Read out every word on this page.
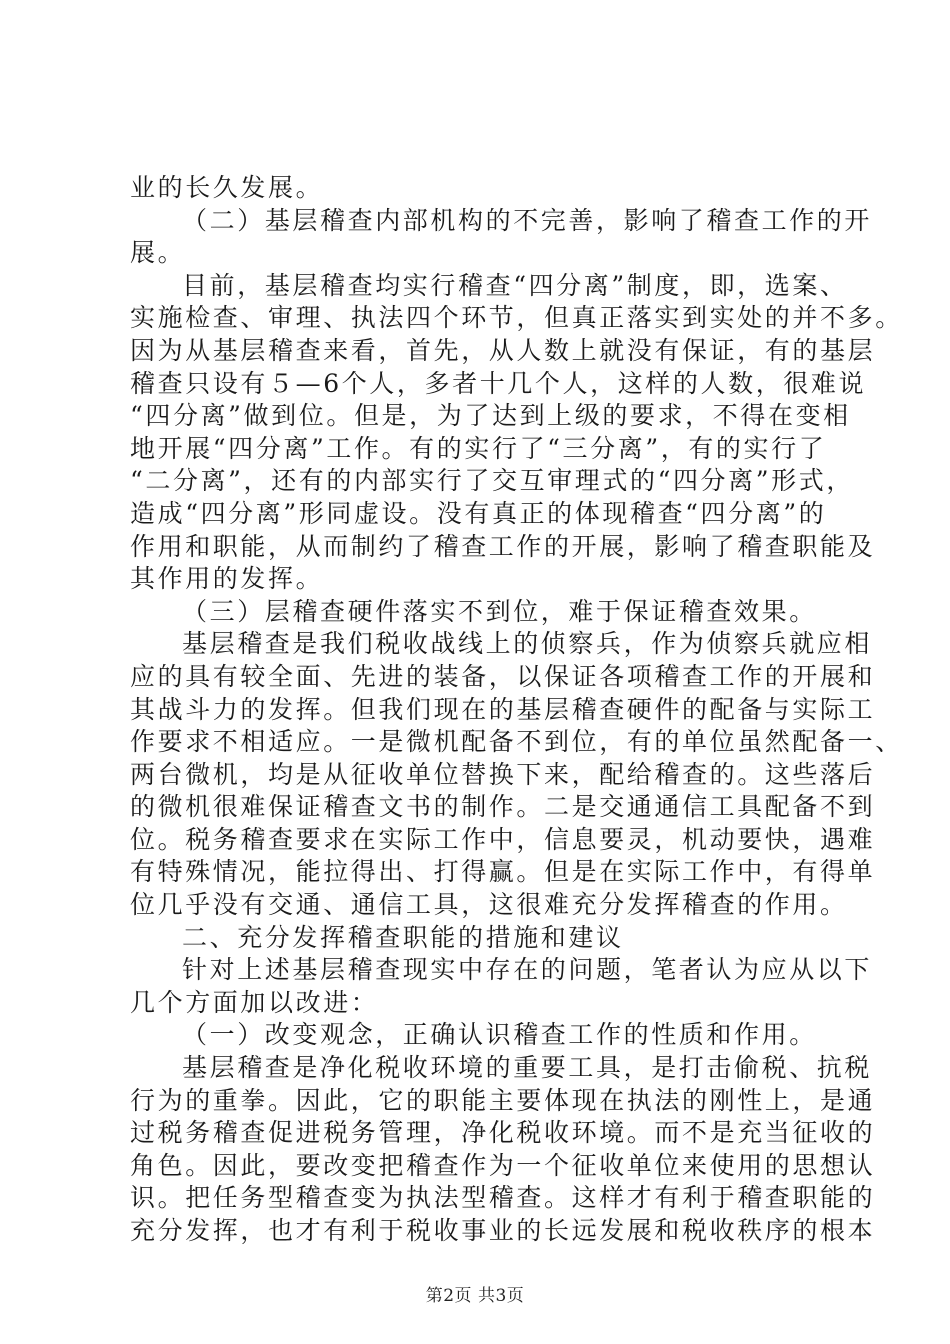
业的长久发展。
（二）基层稽查内部机构的不完善，影响了稽查工作的开
展。
目前，基层稽查均实行稽查“四分离”制度，即，选案、
实施检查、审理、执法四个环节，但真正落实到实处的并不多。
因为从基层稽查来看，首先，从人数上就没有保证，有的基层
稽查只设有５—6个人，多者十几个人，这样的人数，很难说
“四分离”做到位。但是，为了达到上级的要求，不得在变相
地开展“四分离”工作。有的实行了“三分离”，有的实行了
“二分离”，还有的内部实行了交互审理式的“四分离”形式，
造成“四分离”形同虚设。没有真正的体现稽查“四分离”的
作用和职能，从而制约了稽查工作的开展，影响了稽查职能及
其作用的发挥。
（三）层稽查硬件落实不到位，难于保证稽查效果。
基层稽查是我们税收战线上的侦察兵，作为侦察兵就应相
应的具有较全面、先进的装备，以保证各项稽查工作的开展和
其战斗力的发挥。但我们现在的基层稽查硬件的配备与实际工
作要求不相适应。一是微机配备不到位，有的单位虽然配备一、
两台微机，均是从征收单位替换下来，配给稽查的。这些落后
的微机很难保证稽查文书的制作。二是交通通信工具配备不到
位。税务稽查要求在实际工作中，信息要灵，机动要快，遇难
有特殊情况，能拉得出、打得赢。但是在实际工作中，有得单
位几乎没有交通、通信工具，这很难充分发挥稽查的作用。
二、充分发挥稽查职能的措施和建议
针对上述基层稽查现实中存在的问题，笔者认为应从以下
几个方面加以改进：
（一）改变观念，正确认识稽查工作的性质和作用。
基层稽查是净化税收环境的重要工具，是打击偷税、抗税
行为的重拳。因此，它的职能主要体现在执法的刚性上，是通
过税务稽查促进税务管理，净化税收环境。而不是充当征收的
角色。因此，要改变把稽查作为一个征收单位来使用的思想认
识。把任务型稽查变为执法型稽查。这样才有利于稽查职能的
充分发挥，也才有利于税收事业的长远发展和税收秩序的根本
第2页 共3页
